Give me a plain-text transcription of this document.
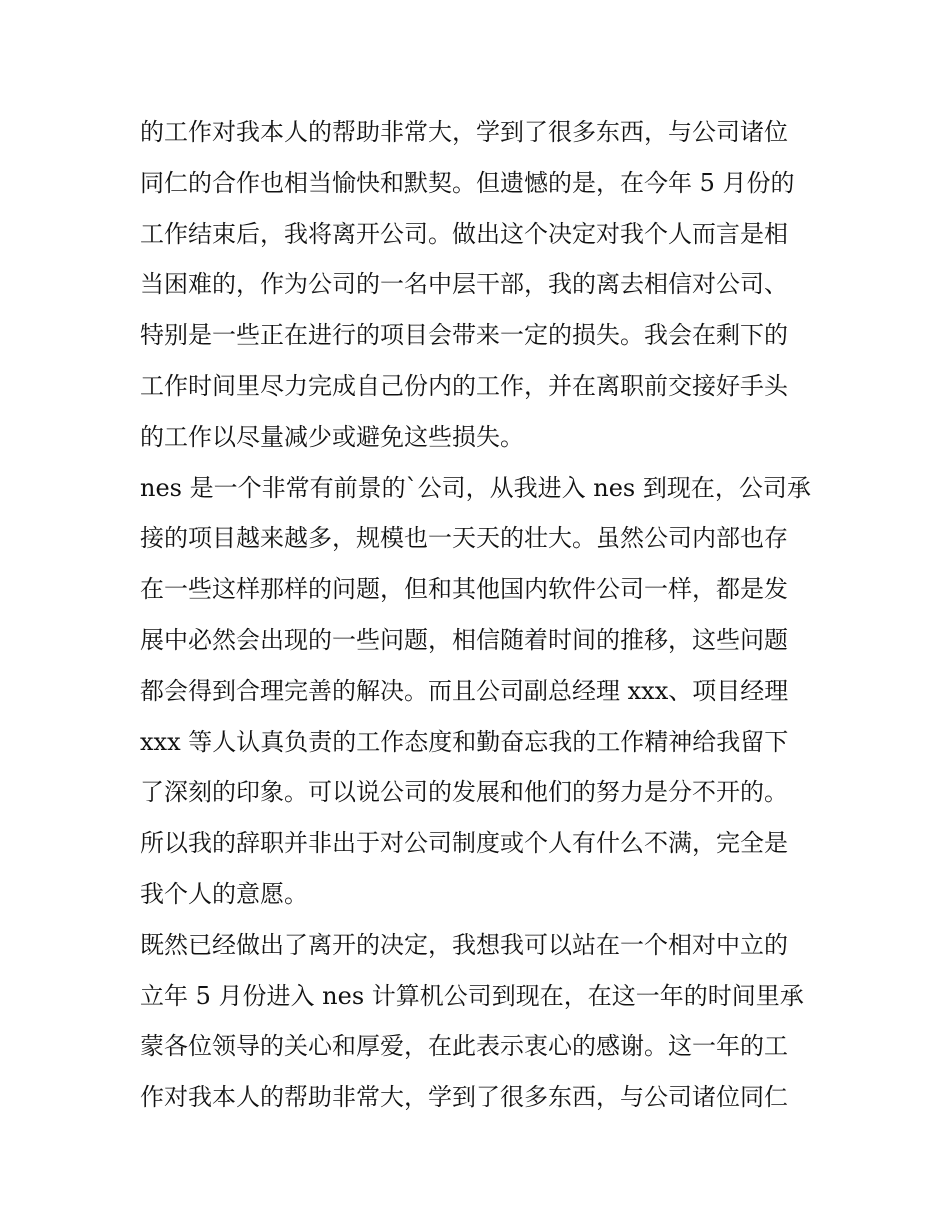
的工作对我本人的帮助非常大，学到了很多东西，与公司诸位
同仁的合作也相当愉快和默契。但遗憾的是，在今年 5 月份的
工作结束后，我将离开公司。做出这个决定对我个人而言是相
当困难的，作为公司的一名中层干部，我的离去相信对公司、
特别是一些正在进行的项目会带来一定的损失。我会在剩下的
工作时间里尽力完成自己份内的工作，并在离职前交接好手头
的工作以尽量减少或避免这些损失。
nes 是一个非常有前景的`公司，从我进入 nes 到现在，公司承
接的项目越来越多，规模也一天天的壮大。虽然公司内部也存
在一些这样那样的问题，但和其他国内软件公司一样，都是发
展中必然会出现的一些问题，相信随着时间的推移，这些问题
都会得到合理完善的解决。而且公司副总经理 xxx、项目经理
xxx 等人认真负责的工作态度和勤奋忘我的工作精神给我留下
了深刻的印象。可以说公司的发展和他们的努力是分不开的。
所以我的辞职并非出于对公司制度或个人有什么不满，完全是
我个人的意愿。
既然已经做出了离开的决定，我想我可以站在一个相对中立的
立年 5 月份进入 nes 计算机公司到现在，在这一年的时间里承
蒙各位领导的关心和厚爱，在此表示衷心的感谢。这一年的工
作对我本人的帮助非常大，学到了很多东西，与公司诸位同仁
